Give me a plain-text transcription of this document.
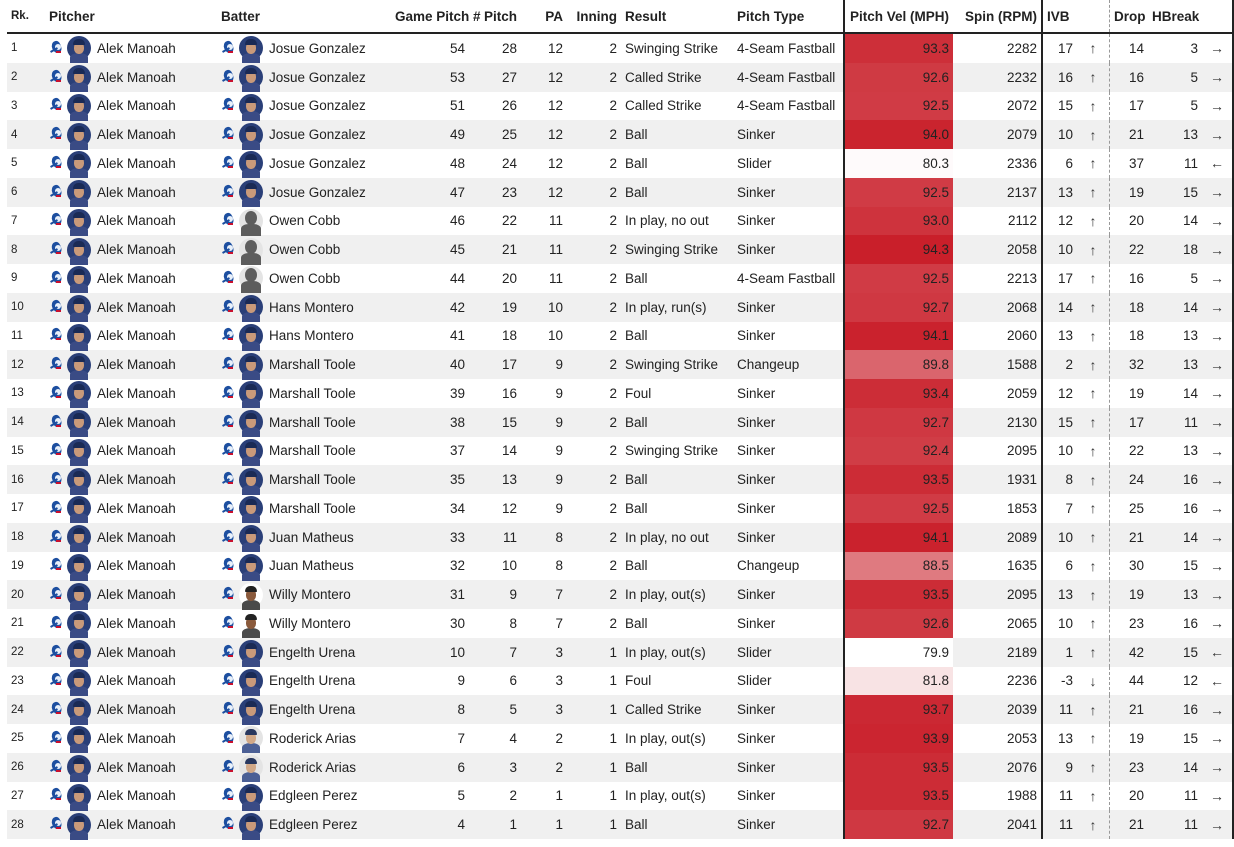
Rk.			Pitcher			Batter	Game Pitch #	Pitch	PA	Inning	Result	Pitch Type	Pitch Vel (MPH)	Spin (RPM)	IVB		Drop	HBreak	
1			Alek Manoah			Josue Gonzalez	54	28	12	2	Swinging Strike	4-Seam Fastball	93.3	2282	17	↑	14	3	→
2			Alek Manoah			Josue Gonzalez	53	27	12	2	Called Strike	4-Seam Fastball	92.6	2232	16	↑	16	5	→
3			Alek Manoah			Josue Gonzalez	51	26	12	2	Called Strike	4-Seam Fastball	92.5	2072	15	↑	17	5	→
4			Alek Manoah			Josue Gonzalez	49	25	12	2	Ball	Sinker	94.0	2079	10	↑	21	13	→
5			Alek Manoah			Josue Gonzalez	48	24	12	2	Ball	Slider	80.3	2336	6	↑	37	11	←
6			Alek Manoah			Josue Gonzalez	47	23	12	2	Ball	Sinker	92.5	2137	13	↑	19	15	→
7			Alek Manoah			Owen Cobb	46	22	11	2	In play, no out	Sinker	93.0	2112	12	↑	20	14	→
8			Alek Manoah			Owen Cobb	45	21	11	2	Swinging Strike	Sinker	94.3	2058	10	↑	22	18	→
9			Alek Manoah			Owen Cobb	44	20	11	2	Ball	4-Seam Fastball	92.5	2213	17	↑	16	5	→
10			Alek Manoah			Hans Montero	42	19	10	2	In play, run(s)	Sinker	92.7	2068	14	↑	18	14	→
11			Alek Manoah			Hans Montero	41	18	10	2	Ball	Sinker	94.1	2060	13	↑	18	13	→
12			Alek Manoah			Marshall Toole	40	17	9	2	Swinging Strike	Changeup	89.8	1588	2	↑	32	13	→
13			Alek Manoah			Marshall Toole	39	16	9	2	Foul	Sinker	93.4	2059	12	↑	19	14	→
14			Alek Manoah			Marshall Toole	38	15	9	2	Ball	Sinker	92.7	2130	15	↑	17	11	→
15			Alek Manoah			Marshall Toole	37	14	9	2	Swinging Strike	Sinker	92.4	2095	10	↑	22	13	→
16			Alek Manoah			Marshall Toole	35	13	9	2	Ball	Sinker	93.5	1931	8	↑	24	16	→
17			Alek Manoah			Marshall Toole	34	12	9	2	Ball	Sinker	92.5	1853	7	↑	25	16	→
18			Alek Manoah			Juan Matheus	33	11	8	2	In play, no out	Sinker	94.1	2089	10	↑	21	14	→
19			Alek Manoah			Juan Matheus	32	10	8	2	Ball	Changeup	88.5	1635	6	↑	30	15	→
20			Alek Manoah			Willy Montero	31	9	7	2	In play, out(s)	Sinker	93.5	2095	13	↑	19	13	→
21			Alek Manoah			Willy Montero	30	8	7	2	Ball	Sinker	92.6	2065	10	↑	23	16	→
22			Alek Manoah			Engelth Urena	10	7	3	1	In play, out(s)	Slider	79.9	2189	1	↑	42	15	←
23			Alek Manoah			Engelth Urena	9	6	3	1	Foul	Slider	81.8	2236	-3	↓	44	12	←
24			Alek Manoah			Engelth Urena	8	5	3	1	Called Strike	Sinker	93.7	2039	11	↑	21	16	→
25			Alek Manoah			Roderick Arias	7	4	2	1	In play, out(s)	Sinker	93.9	2053	13	↑	19	15	→
26			Alek Manoah			Roderick Arias	6	3	2	1	Ball	Sinker	93.5	2076	9	↑	23	14	→
27			Alek Manoah			Edgleen Perez	5	2	1	1	In play, out(s)	Sinker	93.5	1988	11	↑	20	11	→
28			Alek Manoah			Edgleen Perez	4	1	1	1	Ball	Sinker	92.7	2041	11	↑	21	11	→
